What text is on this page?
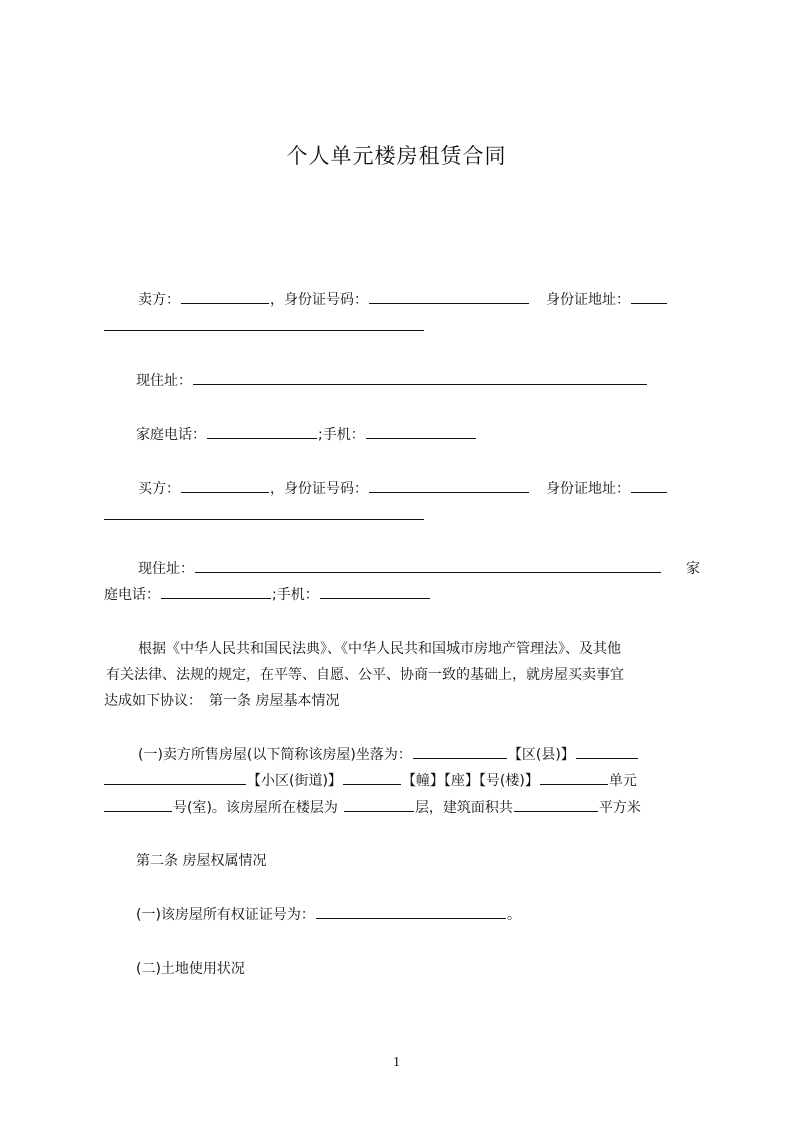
个人单元楼房租赁合同
卖方：	，身份证号码：	身份证地址：
现住址：
家庭电话：	;手机：
买方：	，身份证号码：	身份证地址：
现住址：	家
庭电话：	;手机：
根据《中华人民共和国民法典》、《中华人民共和国城市房地产管理法》、及其他
有关法律、法规的规定，在平等、自愿、公平、协商一致的基础上，就房屋买卖事宜
达成如下协议：　第一条 房屋基本情况
(一)卖方所售房屋(以下简称该房屋)坐落为：	【区(县)】
【小区(街道)】	【幢】【座】【号(楼)】	单元
号(室)。该房屋所在楼层为	层，建筑面积共	平方米
第二条 房屋权属情况
(一)该房屋所有权证证号为：	。
(二)土地使用状况
1
